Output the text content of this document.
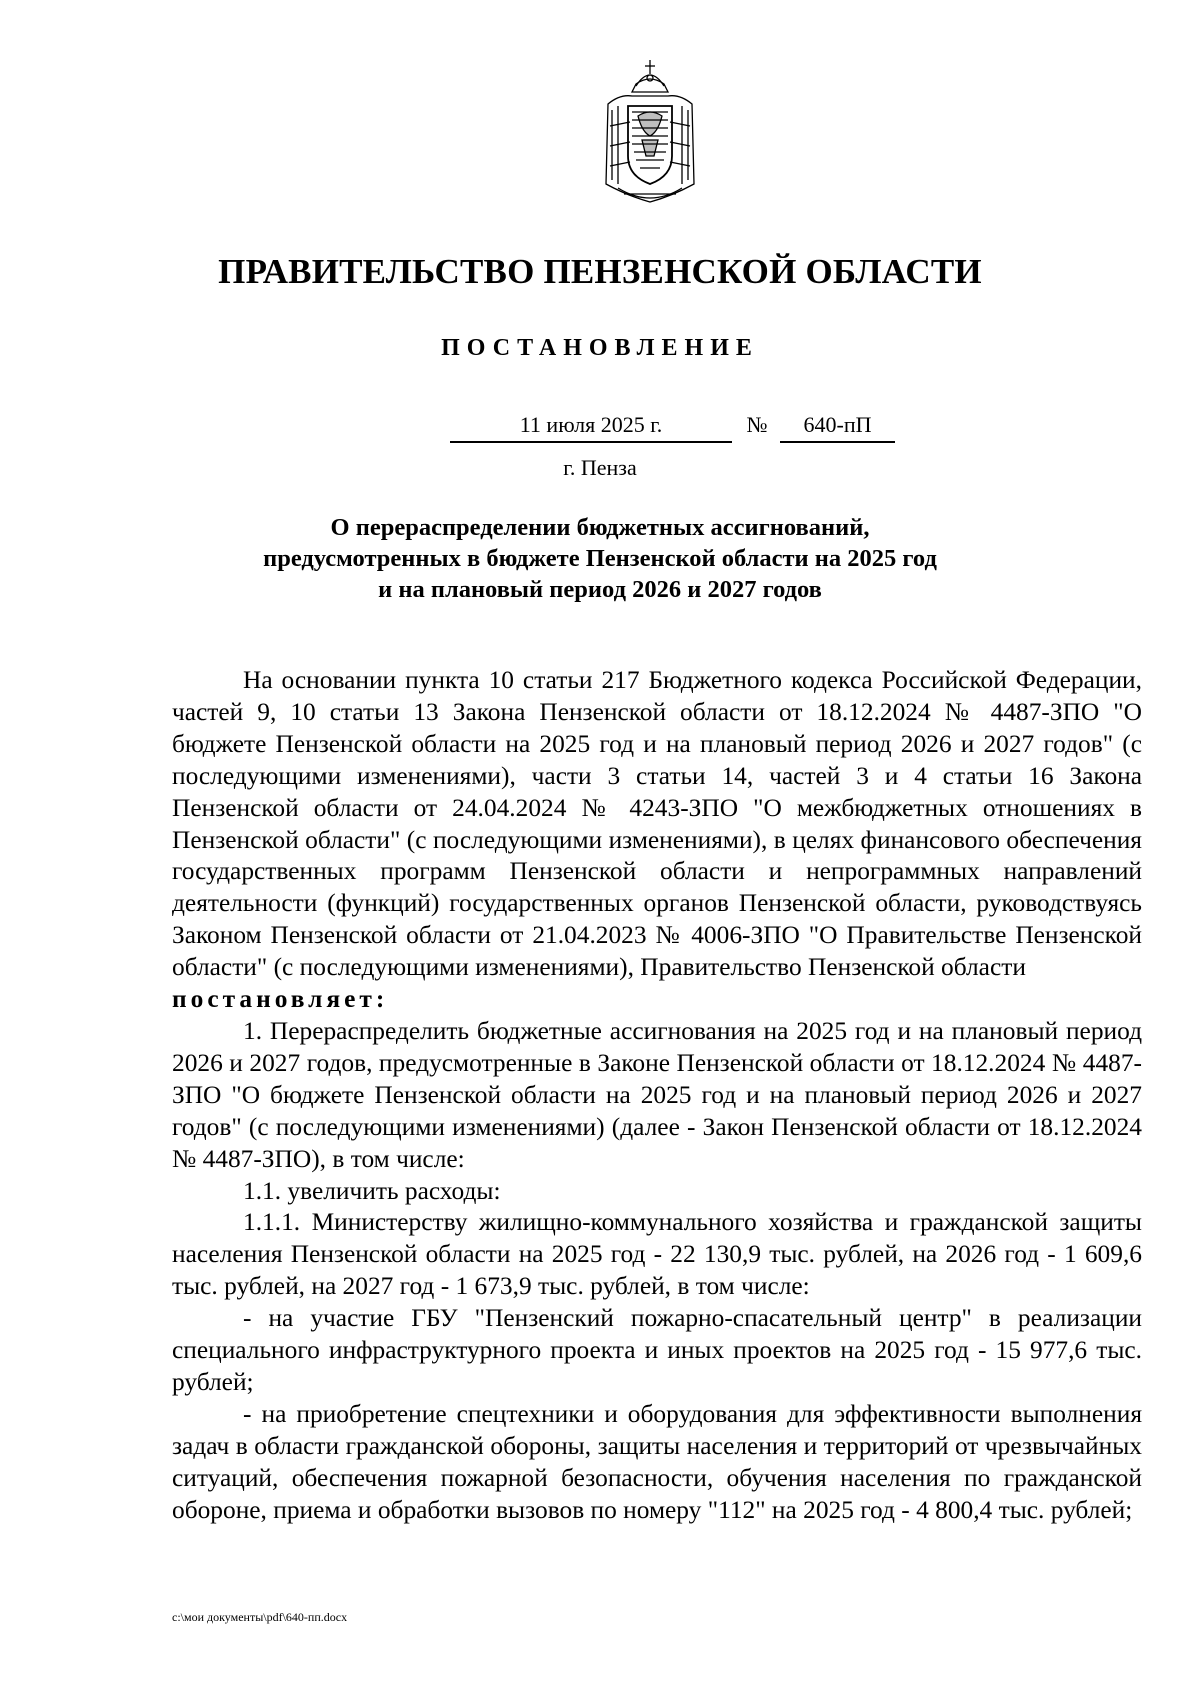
ПРАВИТЕЛЬСТВО ПЕНЗЕНСКОЙ ОБЛАСТИ
ПОСТАНОВЛЕНИЕ
11 июля 2025 г.	№	640-пП
г. Пенза
О перераспределении бюджетных ассигнований,
предусмотренных в бюджете Пензенской области на 2025 год
и на плановый период 2026 и 2027 годов

На основании пункта 10 статьи 217 Бюджетного кодекса Российской Федерации, частей 9, 10 статьи 13 Закона Пензенской области от 18.12.2024 № 4487-ЗПО "О бюджете Пензенской области на 2025 год и на плановый период 2026 и 2027 годов" (с последующими изменениями), части 3 статьи 14, частей 3 и 4 статьи 16 Закона Пензенской области от 24.04.2024 № 4243-ЗПО "О межбюджетных отношениях в Пензенской области" (с последующими изменениями), в целях финансового обеспечения государственных программ Пензенской области и непрограммных направлений деятельности (функций) государственных органов Пензенской области, руководствуясь Законом Пензенской области от 21.04.2023 № 4006-ЗПО "О Правительстве Пензенской области" (с последующими изменениями), Правительство Пензенской области

постановляет:

1. Перераспределить бюджетные ассигнования на 2025 год и на плановый период 2026 и 2027 годов, предусмотренные в Законе Пензенской области от 18.12.2024 № 4487-ЗПО "О бюджете Пензенской области на 2025 год и на плановый период 2026 и 2027 годов" (с последующими изменениями) (далее - Закон Пензенской области от 18.12.2024 № 4487-ЗПО), в том числе:

1.1. увеличить расходы:

1.1.1. Министерству жилищно-коммунального хозяйства и гражданской защиты населения Пензенской области на 2025 год - 22 130,9 тыс. рублей, на 2026 год - 1 609,6 тыс. рублей, на 2027 год - 1 673,9 тыс. рублей, в том числе:

- на участие ГБУ "Пензенский пожарно-спасательный центр" в реализации специального инфраструктурного проекта и иных проектов на 2025 год - 15 977,6 тыс. рублей;

- на приобретение спецтехники и оборудования для эффективности выполнения задач в области гражданской обороны, защиты населения и территорий от чрезвычайных ситуаций, обеспечения пожарной безопасности, обучения населения по гражданской обороне, приема и обработки вызовов по номеру "112" на 2025 год - 4 800,4 тыс. рублей;

c:\мои документы\pdf\640-пп.docx
